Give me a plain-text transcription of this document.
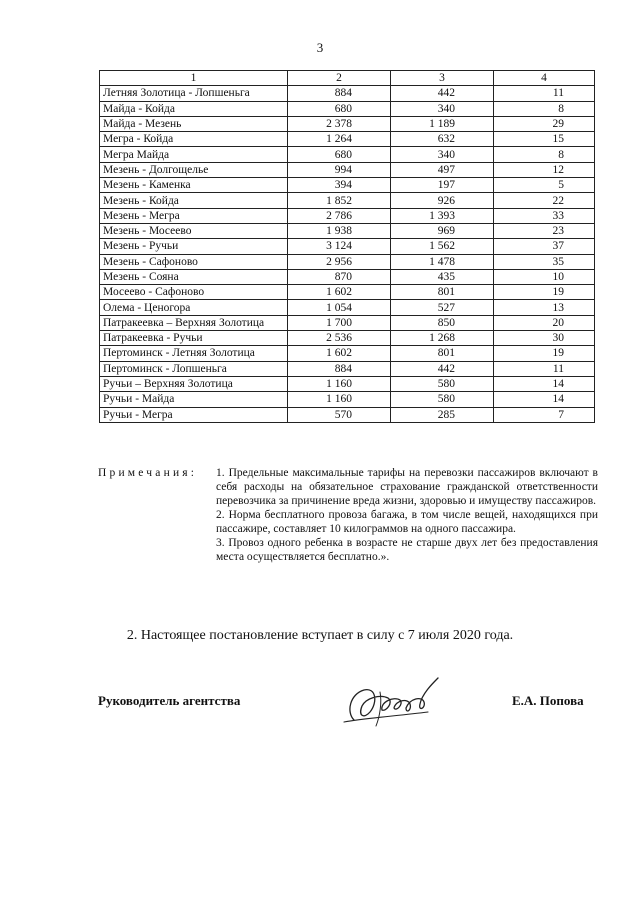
3
1	2	3	4
Летняя Золотица - Лопшеньга	884	442	11
Майда - Койда	680	340	8
Майда - Мезень	2 378	1 189	29
Мегра - Койда	1 264	632	15
Мегра Майда	680	340	8
Мезень - Долгощелье	994	497	12
Мезень - Каменка	394	197	5
Мезень - Койда	1 852	926	22
Мезень - Мегра	2 786	1 393	33
Мезень - Мосеево	1 938	969	23
Мезень - Ручьи	3 124	1 562	37
Мезень - Сафоново	2 956	1 478	35
Мезень - Сояна	870	435	10
Мосеево - Сафоново	1 602	801	19
Олема - Ценогора	1 054	527	13
Патракеевка – Верхняя Золотица	1 700	850	20
Патракеевка - Ручьи	2 536	1 268	30
Пертоминск - Летняя Золотица	1 602	801	19
Пертоминск - Лопшеньга	884	442	11
Ручьи – Верхняя Золотица	1 160	580	14
Ручьи - Майда	1 160	580	14
Ручьи - Мегра	570	285	7
Примечания:	1. Предельные максимальные тарифы на перевозки пассажиров включают в себя расходы на обязательное страхование гражданской ответственности перевозчика за причинение вреда жизни, здоровью и имуществу пассажиров.

2. Норма бесплатного провоза багажа, в том числе вещей, находящихся при пассажире, составляет 10 килограммов на одного пассажира.

3. Провоз одного ребенка в возрасте не старше двух лет без предоставления места осуществляется бесплатно.».

2. Настоящее постановление вступает в силу с 7 июля 2020 года.
Руководитель агентства	Е.А. Попова
